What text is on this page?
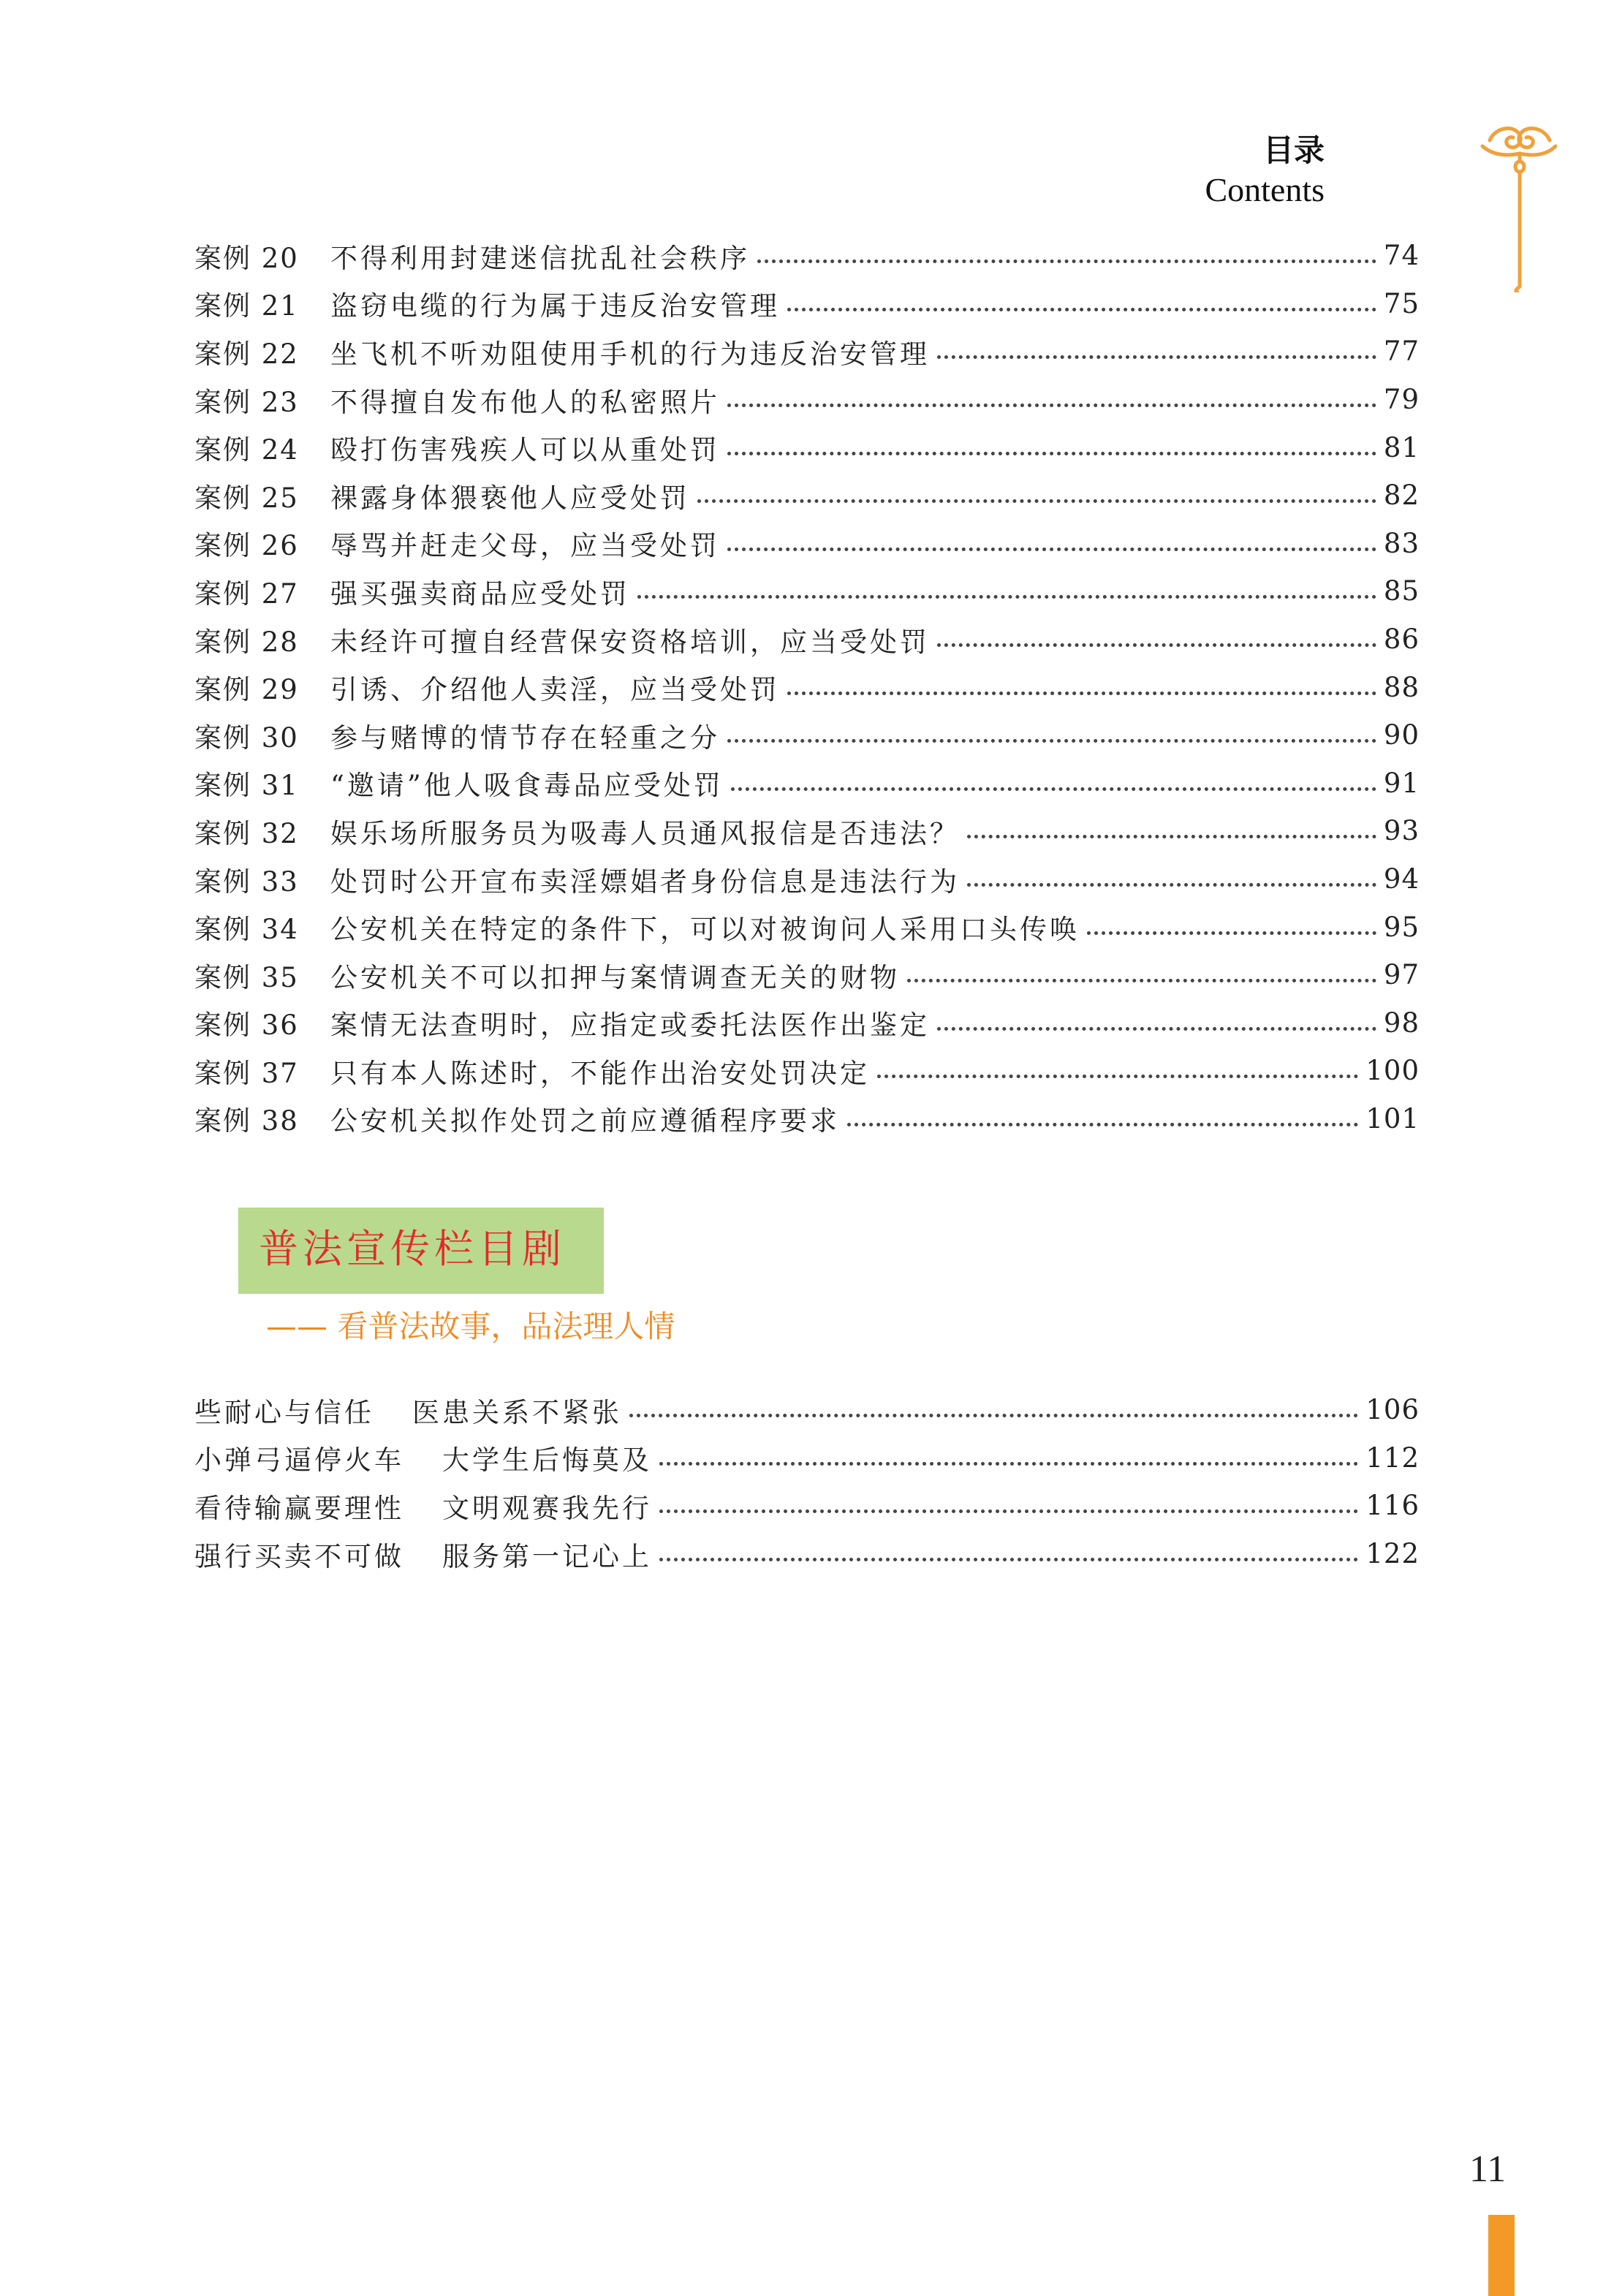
目录
Contents
案例 20	不得利用封建迷信扰乱社会秩序	74
案例 21	盗窃电缆的行为属于违反治安管理	75
案例 22	坐飞机不听劝阻使用手机的行为违反治安管理	77
案例 23	不得擅自发布他人的私密照片	79
案例 24	殴打伤害残疾人可以从重处罚	81
案例 25	裸露身体猥亵他人应受处罚	82
案例 26	辱骂并赶走父母，应当受处罚	83
案例 27	强买强卖商品应受处罚	85
案例 28	未经许可擅自经营保安资格培训，应当受处罚	86
案例 29	引诱、介绍他人卖淫，应当受处罚	88
案例 30	参与赌博的情节存在轻重之分	90
案例 31	“邀请”他人吸食毒品应受处罚	91
案例 32	娱乐场所服务员为吸毒人员通风报信是否违法？	93
案例 33	处罚时公开宣布卖淫嫖娼者身份信息是违法行为	94
案例 34	公安机关在特定的条件下，可以对被询问人采用口头传唤	95
案例 35	公安机关不可以扣押与案情调查无关的财物	97
案例 36	案情无法查明时，应指定或委托法医作出鉴定	98
案例 37	只有本人陈述时，不能作出治安处罚决定	100
案例 38	公安机关拟作处罚之前应遵循程序要求	101
普法宣传栏目剧
—— 看普法故事，品法理人情
些耐心与信任 医患关系不紧张	106
小弹弓逼停火车 大学生后悔莫及	112
看待输赢要理性 文明观赛我先行	116
强行买卖不可做 服务第一记心上	122
11
